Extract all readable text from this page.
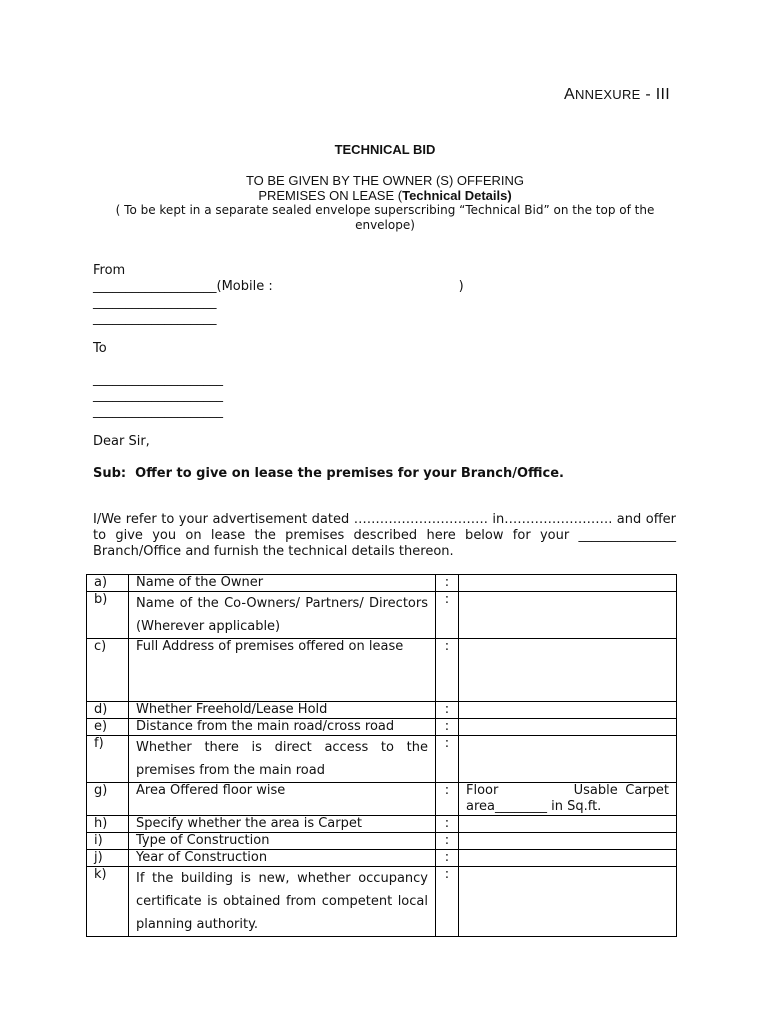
ANNEXURE - III
TECHNICAL BID
TO BE GIVEN BY THE OWNER (S) OFFERING
PREMISES ON LEASE (Technical Details)
( To be kept in a separate sealed envelope superscribing “Technical Bid” on the top of the envelope)
From
___________________(Mobile :                                             )
___________________
___________________
To
____________________
____________________
____________________
Dear Sir,
Sub:  Offer to give on lease the premises for your Branch/Office.
I/We refer to your advertisement dated …………………………. in……………………. and offer to give you on lease the premises described here below for your _______________ Branch/Office and furnish the technical details thereon.
a)	Name of the Owner	:	
b)	Name of the Co-Owners/ Partners/ Directors (Wherever applicable)	:	
c)	Full Address of premises offered on lease	:	
d)	Whether Freehold/Lease Hold	:	
e)	Distance from the main road/cross road	:	
f)	Whether there is direct access to the premises from the main road	:	
g)	Area Offered floor wise	:	Floor          Usable Carpet area________ in Sq.ft.
h)	Specify whether the area is Carpet	:	
i)	Type of Construction	:	
j)	Year of Construction	:	
k)	If the building is new, whether occupancy certificate is obtained from competent local planning authority.	:	
